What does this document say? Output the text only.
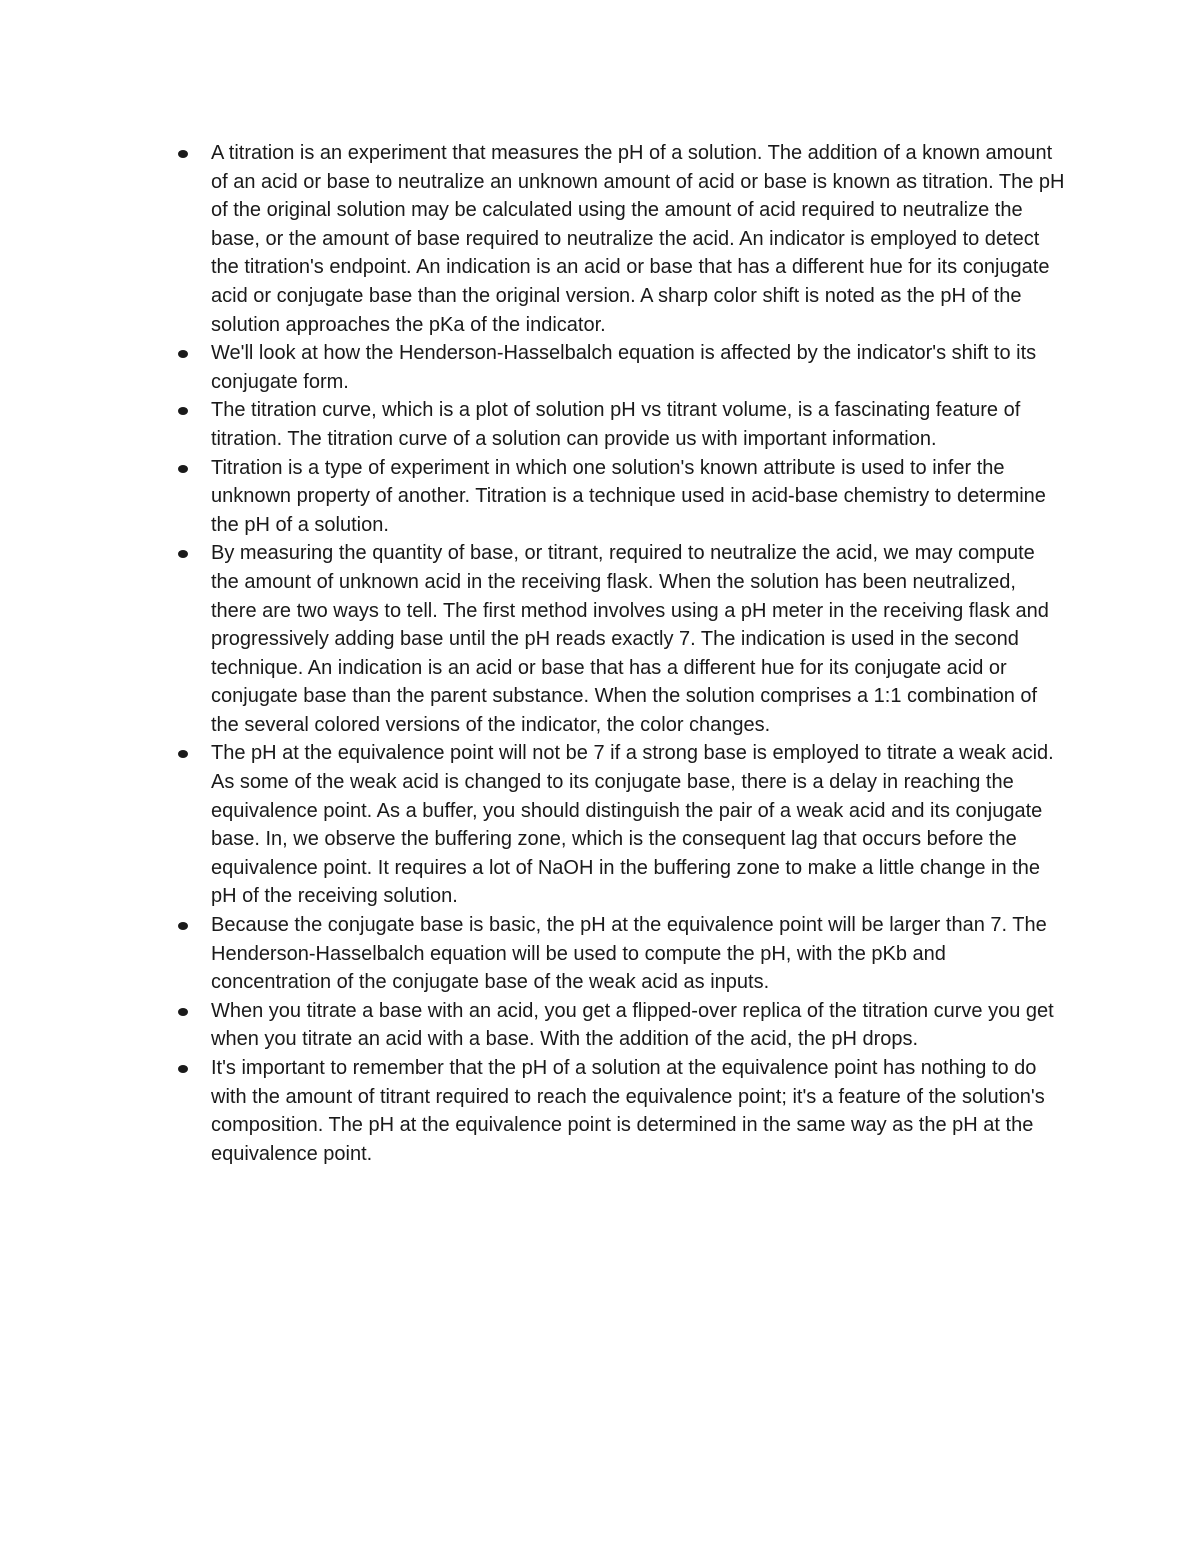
A titration is an experiment that measures the pH of a solution. The addition of a known amount of an acid or base to neutralize an unknown amount of acid or base is known as titration. The pH of the original solution may be calculated using the amount of acid required to neutralize the base, or the amount of base required to neutralize the acid. An indicator is employed to detect the titration's endpoint. An indication is an acid or base that has a different hue for its conjugate acid or conjugate base than the original version. A sharp color shift is noted as the pH of the solution approaches the pKa of the indicator.
We'll look at how the Henderson-Hasselbalch equation is affected by the indicator's shift to its conjugate form.
The titration curve, which is a plot of solution pH vs titrant volume, is a fascinating feature of titration. The titration curve of a solution can provide us with important information.
Titration is a type of experiment in which one solution's known attribute is used to infer the unknown property of another. Titration is a technique used in acid-base chemistry to determine the pH of a solution.
By measuring the quantity of base, or titrant, required to neutralize the acid, we may compute the amount of unknown acid in the receiving flask. When the solution has been neutralized, there are two ways to tell. The first method involves using a pH meter in the receiving flask and progressively adding base until the pH reads exactly 7. The indication is used in the second technique. An indication is an acid or base that has a different hue for its conjugate acid or conjugate base than the parent substance. When the solution comprises a 1:1 combination of the several colored versions of the indicator, the color changes.
The pH at the equivalence point will not be 7 if a strong base is employed to titrate a weak acid. As some of the weak acid is changed to its conjugate base, there is a delay in reaching the equivalence point. As a buffer, you should distinguish the pair of a weak acid and its conjugate base. In, we observe the buffering zone, which is the consequent lag that occurs before the equivalence point. It requires a lot of NaOH in the buffering zone to make a little change in the pH of the receiving solution.
Because the conjugate base is basic, the pH at the equivalence point will be larger than 7. The Henderson-Hasselbalch equation will be used to compute the pH, with the pKb and concentration of the conjugate base of the weak acid as inputs.
When you titrate a base with an acid, you get a flipped-over replica of the titration curve you get when you titrate an acid with a base. With the addition of the acid, the pH drops.
It's important to remember that the pH of a solution at the equivalence point has nothing to do with the amount of titrant required to reach the equivalence point; it's a feature of the solution's composition. The pH at the equivalence point is determined in the same way as the pH at the equivalence point.
